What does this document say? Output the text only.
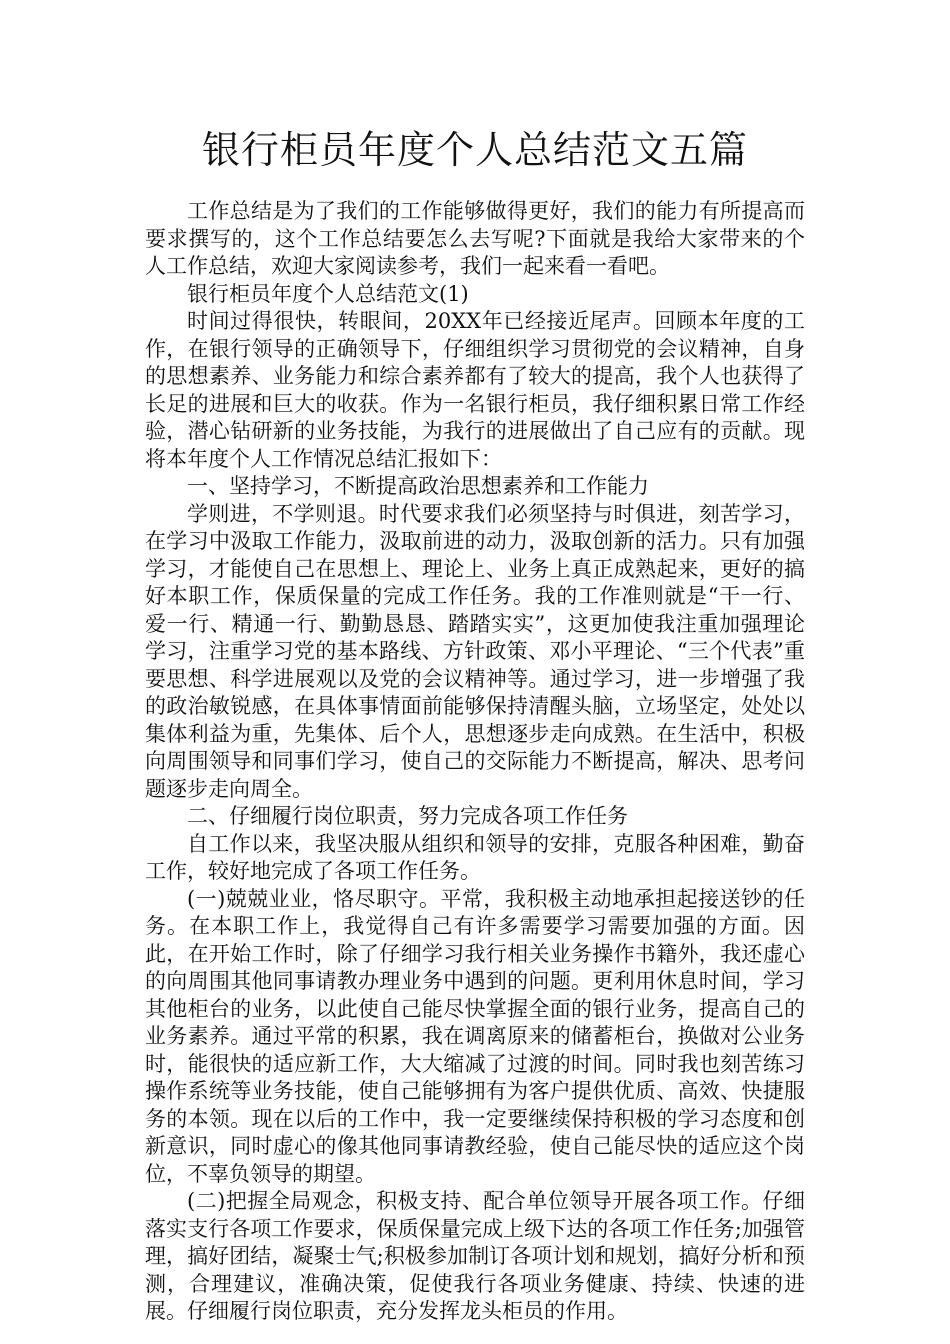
银行柜员年度个人总结范文五篇

工作总结是为了我们的工作能够做得更好，我们的能力有所提高而要求撰写的，这个工作总结要怎么去写呢?下面就是我给大家带来的个人工作总结，欢迎大家阅读参考，我们一起来看一看吧。

银行柜员年度个人总结范文(1)

时间过得很快，转眼间，20XX年已经接近尾声。回顾本年度的工作，在银行领导的正确领导下，仔细组织学习贯彻党的会议精神，自身的思想素养、业务能力和综合素养都有了较大的提高，我个人也获得了长足的进展和巨大的收获。作为一名银行柜员，我仔细积累日常工作经验，潜心钻研新的业务技能，为我行的进展做出了自己应有的贡献。现将本年度个人工作情况总结汇报如下：

一、坚持学习，不断提高政治思想素养和工作能力

学则进，不学则退。时代要求我们必须坚持与时俱进，刻苦学习，在学习中汲取工作能力，汲取前进的动力，汲取创新的活力。只有加强学习，才能使自己在思想上、理论上、业务上真正成熟起来，更好的搞好本职工作，保质保量的完成工作任务。我的工作准则就是“干一行、爱一行、精通一行、勤勤恳恳、踏踏实实”，这更加使我注重加强理论学习，注重学习党的基本路线、方针政策、邓小平理论、“三个代表”重要思想、科学进展观以及党的会议精神等。通过学习，进一步增强了我的政治敏锐感，在具体事情面前能够保持清醒头脑，立场坚定，处处以集体利益为重，先集体、后个人，思想逐步走向成熟。在生活中，积极向周围领导和同事们学习，使自己的交际能力不断提高，解决、思考问题逐步走向周全。

二、仔细履行岗位职责，努力完成各项工作任务

自工作以来，我坚决服从组织和领导的安排，克服各种困难，勤奋工作，较好地完成了各项工作任务。

(一)兢兢业业，恪尽职守。平常，我积极主动地承担起接送钞的任务。在本职工作上，我觉得自己有许多需要学习需要加强的方面。因此，在开始工作时，除了仔细学习我行相关业务操作书籍外，我还虚心的向周围其他同事请教办理业务中遇到的问题。更利用休息时间，学习其他柜台的业务，以此使自己能尽快掌握全面的银行业务，提高自己的业务素养。通过平常的积累，我在调离原来的储蓄柜台，换做对公业务时，能很快的适应新工作，大大缩减了过渡的时间。同时我也刻苦练习操作系统等业务技能，使自己能够拥有为客户提供优质、高效、快捷服务的本领。现在以后的工作中，我一定要继续保持积极的学习态度和创新意识，同时虚心的像其他同事请教经验，使自己能尽快的适应这个岗位，不辜负领导的期望。

(二)把握全局观念，积极支持、配合单位领导开展各项工作。仔细落实支行各项工作要求，保质保量完成上级下达的各项工作任务;加强管理，搞好团结，凝聚士气;积极参加制订各项计划和规划，搞好分析和预测，合理建议，准确决策，促使我行各项业务健康、持续、快速的进展。仔细履行岗位职责，充分发挥龙头柜员的作用。
